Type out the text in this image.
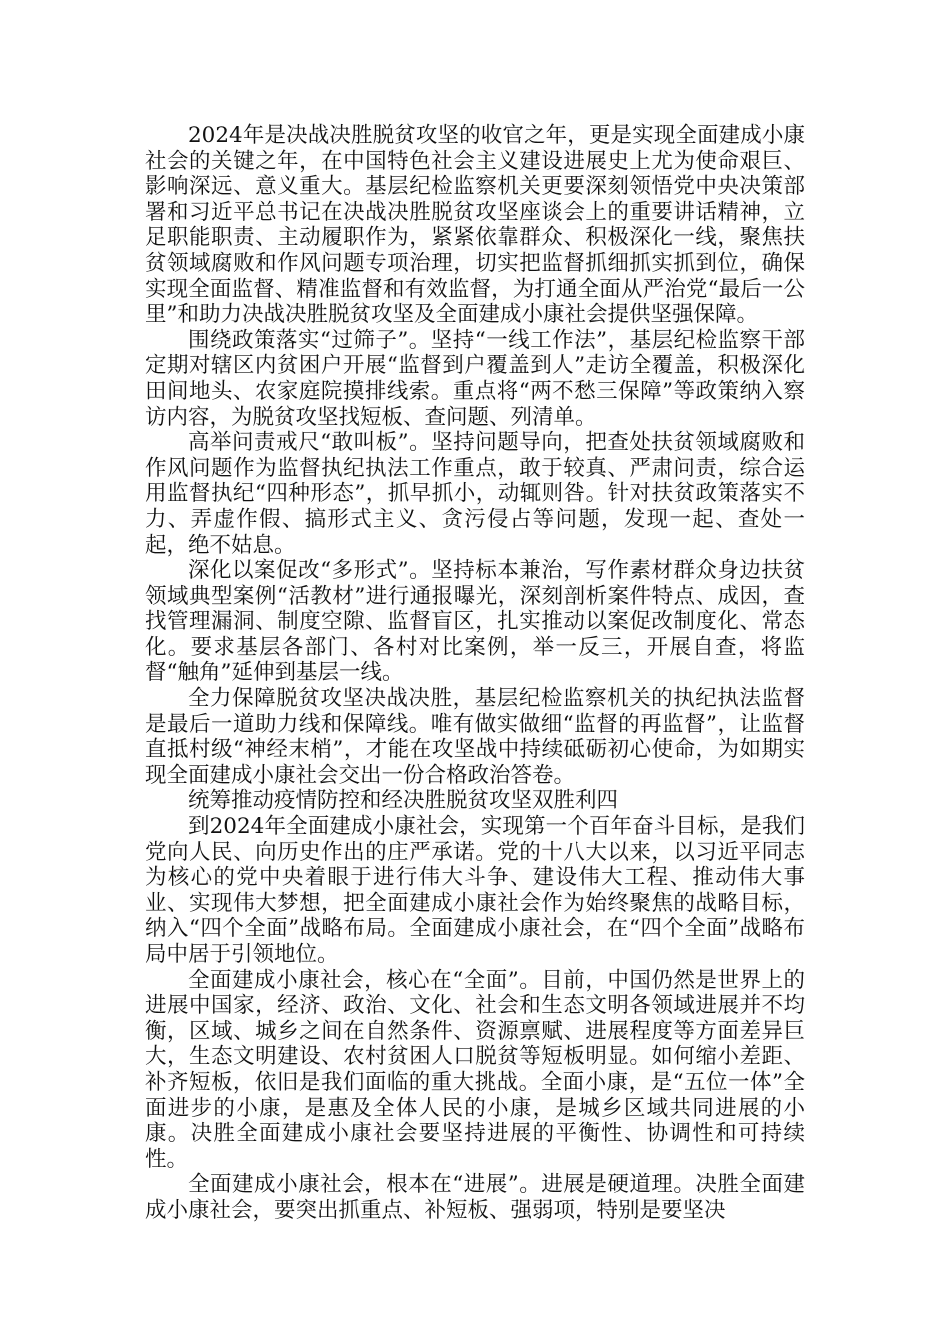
2024年是决战决胜脱贫攻坚的收官之年，更是实现全面建成小康社会的关键之年，在中国特色社会主义建设进展史上尤为使命艰巨、影响深远、意义重大。基层纪检监察机关更要深刻领悟党中央决策部署和习近平总书记在决战决胜脱贫攻坚座谈会上的重要讲话精神，立足职能职责、主动履职作为，紧紧依靠群众、积极深化一线，聚焦扶贫领域腐败和作风问题专项治理，切实把监督抓细抓实抓到位，确保实现全面监督、精准监督和有效监督，为打通全面从严治党“最后一公里”和助力决战决胜脱贫攻坚及全面建成小康社会提供坚强保障。

围绕政策落实“过筛子”。坚持“一线工作法”，基层纪检监察干部定期对辖区内贫困户开展“监督到户覆盖到人”走访全覆盖，积极深化田间地头、农家庭院摸排线索。重点将“两不愁三保障”等政策纳入察访内容，为脱贫攻坚找短板、查问题、列清单。

高举问责戒尺“敢叫板”。坚持问题导向，把查处扶贫领域腐败和作风问题作为监督执纪执法工作重点，敢于较真、严肃问责，综合运用监督执纪“四种形态”，抓早抓小，动辄则咎。针对扶贫政策落实不力、弄虚作假、搞形式主义、贪污侵占等问题，发现一起、查处一起，绝不姑息。

深化以案促改“多形式”。坚持标本兼治，写作素材群众身边扶贫领域典型案例“活教材”进行通报曝光，深刻剖析案件特点、成因，查找管理漏洞、制度空隙、监督盲区，扎实推动以案促改制度化、常态化。要求基层各部门、各村对比案例，举一反三，开展自查，将监督“触角”延伸到基层一线。

全力保障脱贫攻坚决战决胜，基层纪检监察机关的执纪执法监督是最后一道助力线和保障线。唯有做实做细“监督的再监督”，让监督直抵村级“神经末梢”，才能在攻坚战中持续砥砺初心使命，为如期实现全面建成小康社会交出一份合格政治答卷。

统筹推动疫情防控和经决胜脱贫攻坚双胜利四

到2024年全面建成小康社会，实现第一个百年奋斗目标，是我们党向人民、向历史作出的庄严承诺。党的十八大以来，以习近平同志为核心的党中央着眼于进行伟大斗争、建设伟大工程、推动伟大事业、实现伟大梦想，把全面建成小康社会作为始终聚焦的战略目标，纳入“四个全面”战略布局。全面建成小康社会，在“四个全面”战略布局中居于引领地位。

全面建成小康社会，核心在“全面”。目前，中国仍然是世界上的进展中国家，经济、政治、文化、社会和生态文明各领域进展并不均衡，区域、城乡之间在自然条件、资源禀赋、进展程度等方面差异巨大，生态文明建设、农村贫困人口脱贫等短板明显。如何缩小差距、补齐短板，依旧是我们面临的重大挑战。全面小康，是“五位一体”全面进步的小康，是惠及全体人民的小康，是城乡区域共同进展的小康。决胜全面建成小康社会要坚持进展的平衡性、协调性和可持续性。

全面建成小康社会，根本在“进展”。进展是硬道理。决胜全面建成小康社会，要突出抓重点、补短板、强弱项，特别是要坚决
